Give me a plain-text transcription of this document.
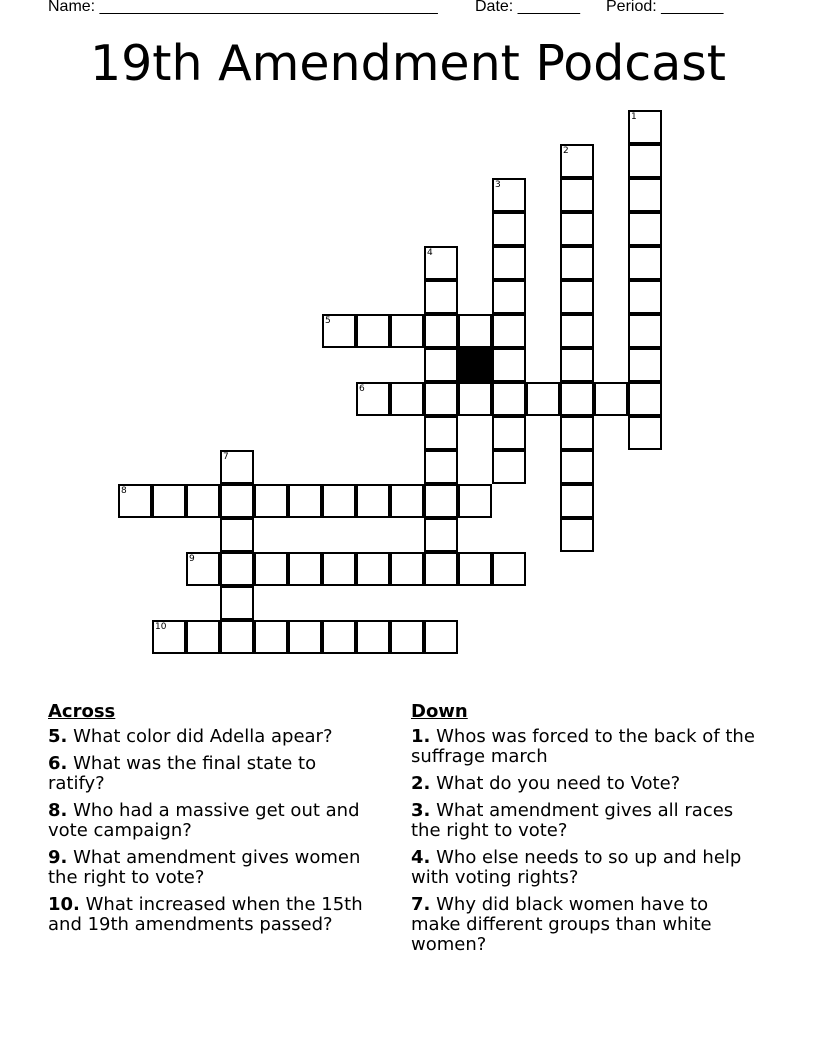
Name: ______________________________________ Date: _______ Period: _______
19th Amendment Podcast
1
2
3
4
5
6
7
8
9
10
Across
5. What color did Adella apear?
6. What was the final state to ratify?
8. Who had a massive get out and vote campaign?
9. What amendment gives women the right to vote?
10. What increased when the 15th and 19th amendments passed?
Down
1. Whos was forced to the back of the suffrage march
2. What do you need to Vote?
3. What amendment gives all races the right to vote?
4. Who else needs to so up and help with voting rights?
7. Why did black women have to make different groups than white women?
